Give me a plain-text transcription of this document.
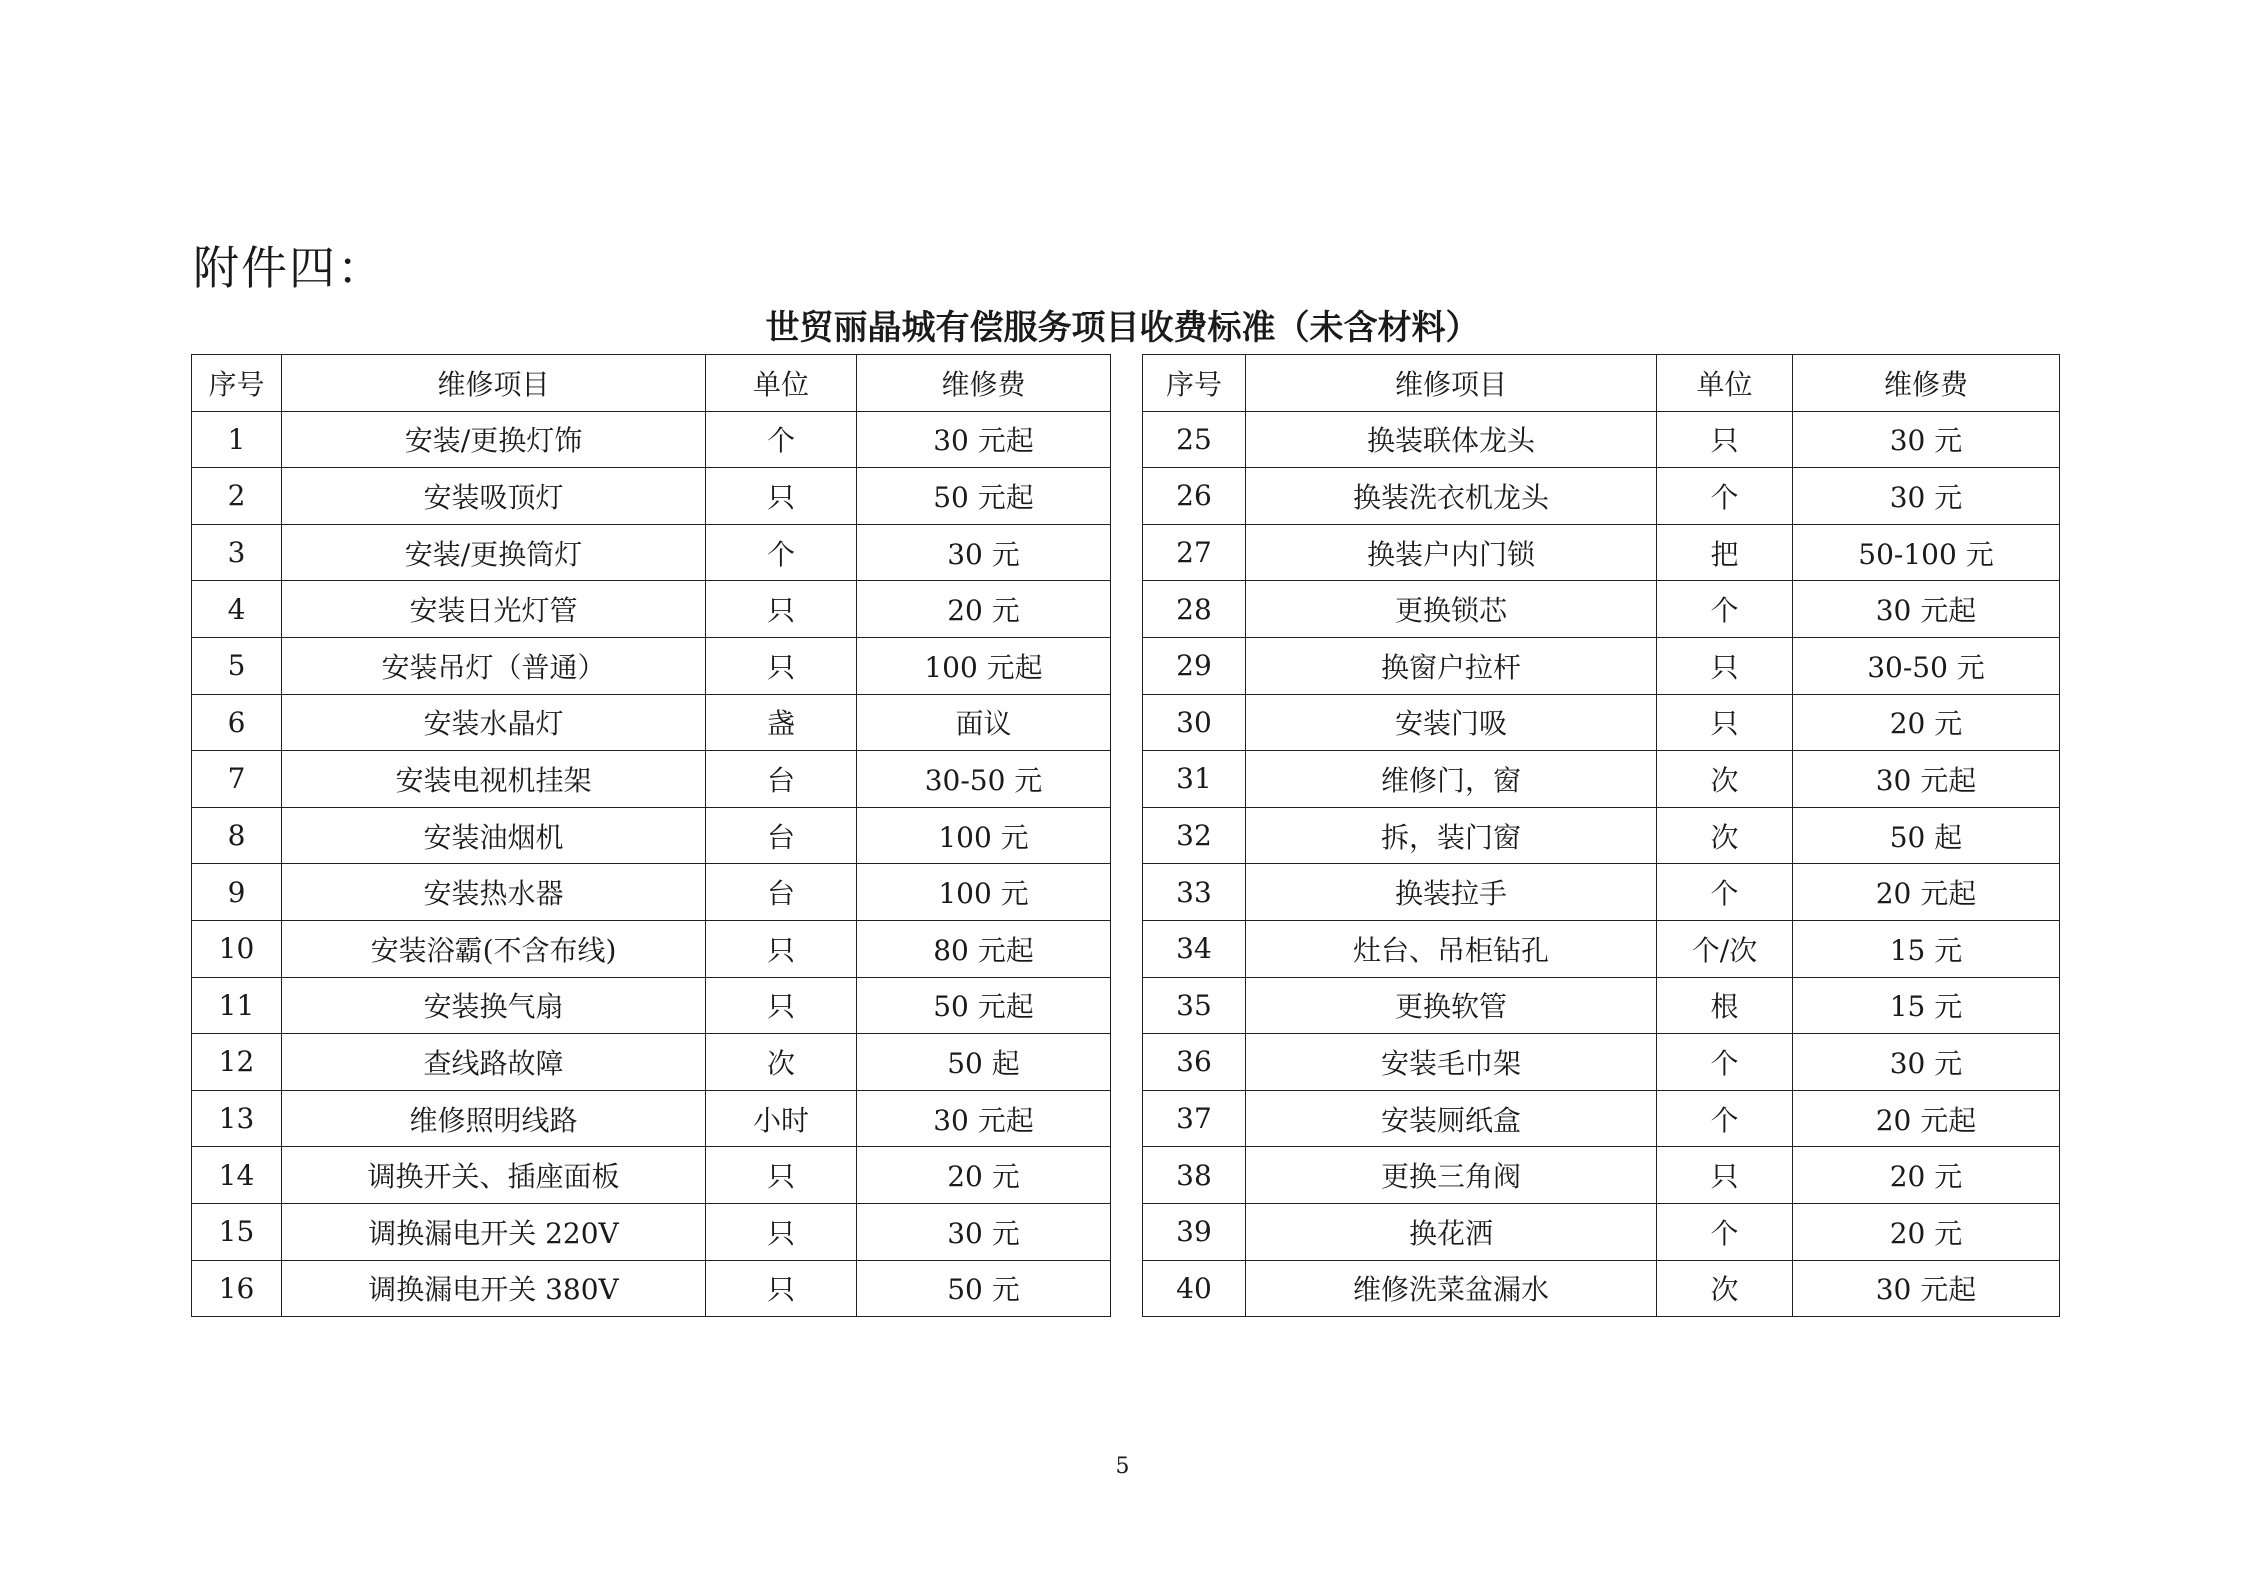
附件四：
世贸丽晶城有偿服务项目收费标准（未含材料）
序号	维修项目	单位	维修费
1	安装/更换灯饰	个	30 元起
2	安装吸顶灯	只	50 元起
3	安装/更换筒灯	个	30 元
4	安装日光灯管	只	20 元
5	安装吊灯（普通）	只	100 元起
6	安装水晶灯	盏	面议
7	安装电视机挂架	台	30-50 元
8	安装油烟机	台	100 元
9	安装热水器	台	100 元
10	安装浴霸(不含布线)	只	80 元起
11	安装换气扇	只	50 元起
12	查线路故障	次	50 起
13	维修照明线路	小时	30 元起
14	调换开关、插座面板	只	20 元
15	调换漏电开关 220V	只	30 元
16	调换漏电开关 380V	只	50 元
序号	维修项目	单位	维修费
25	换装联体龙头	只	30 元
26	换装洗衣机龙头	个	30 元
27	换装户内门锁	把	50-100 元
28	更换锁芯	个	30 元起
29	换窗户拉杆	只	30-50 元
30	安装门吸	只	20 元
31	维修门，窗	次	30 元起
32	拆，装门窗	次	50 起
33	换装拉手	个	20 元起
34	灶台、吊柜钻孔	个/次	15 元
35	更换软管	根	15 元
36	安装毛巾架	个	30 元
37	安装厕纸盒	个	20 元起
38	更换三角阀	只	20 元
39	换花洒	个	20 元
40	维修洗菜盆漏水	次	30 元起
5
